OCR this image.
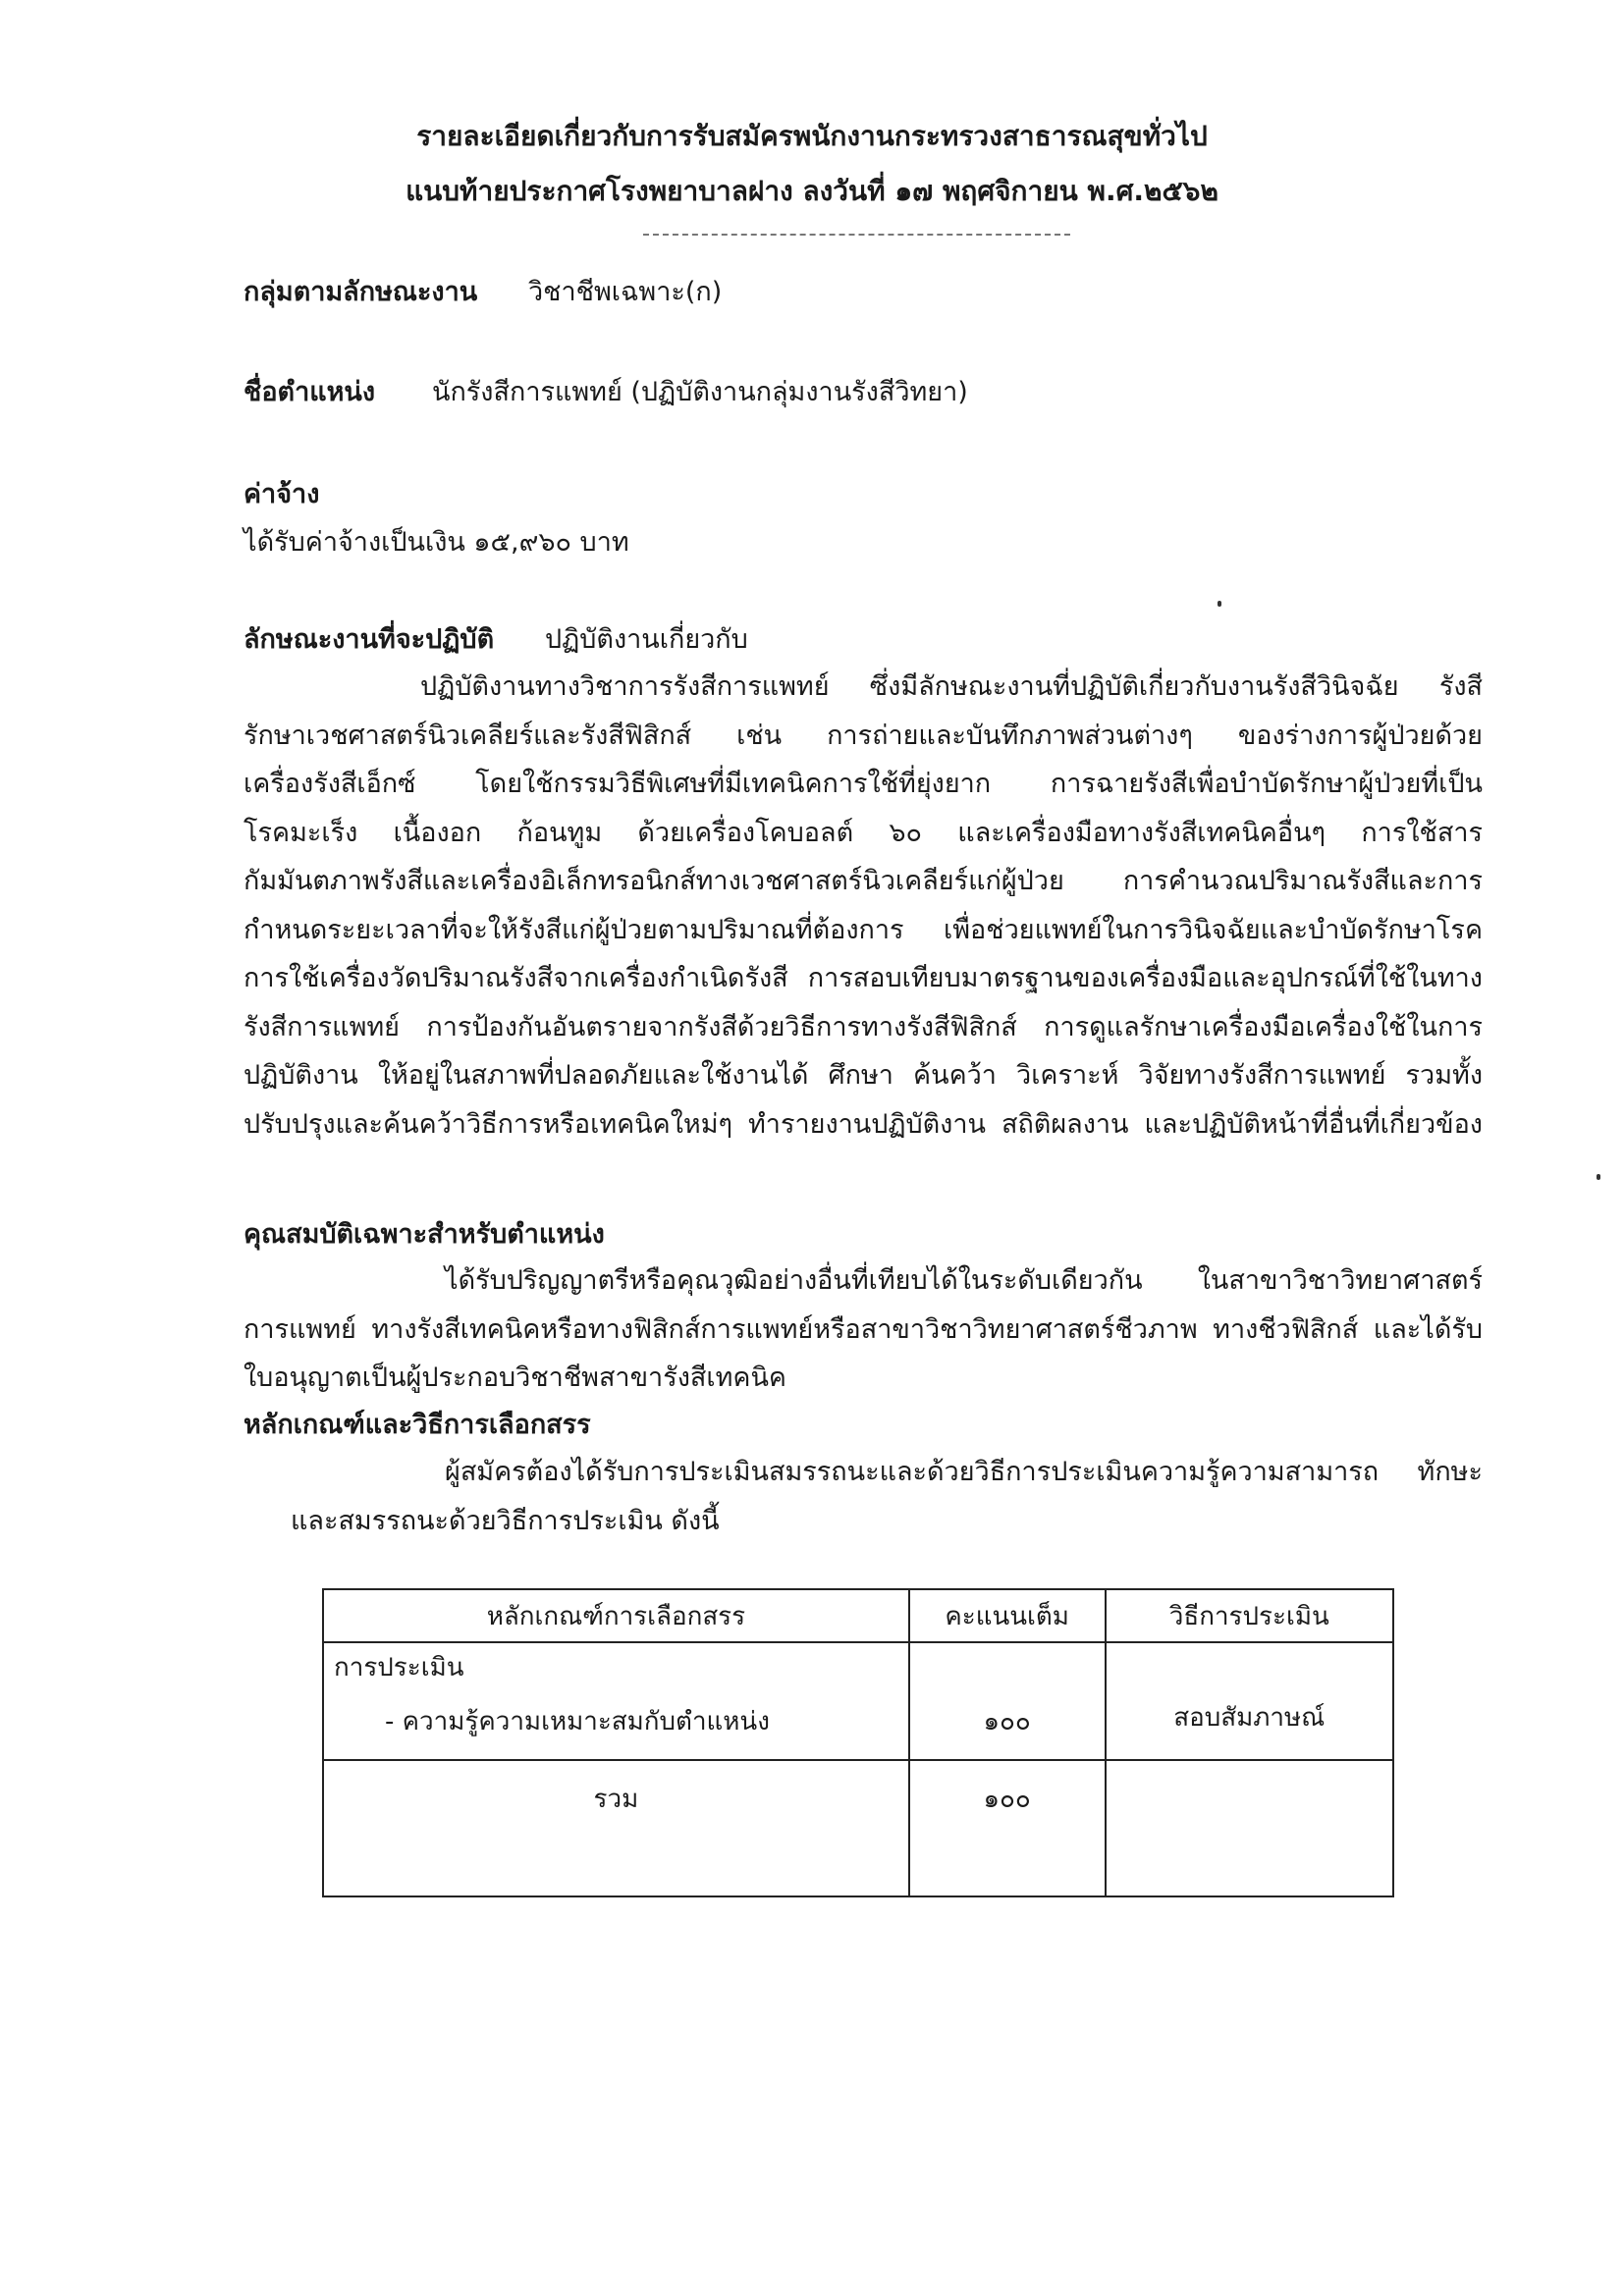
รายละเอียดเกี่ยวกับการรับสมัครพนักงานกระทรวงสาธารณสุขทั่วไป
แนบท้ายประกาศโรงพยาบาลฝาง ลงวันที่ ๑๗ พฤศจิกายน พ.ศ.๒๕๖๒
กลุ่มตามลักษณะงาน วิชาชีพเฉพาะ(ก)
ชื่อตำแหน่ง นักรังสีการแพทย์ (ปฏิบัติงานกลุ่มงานรังสีวิทยา)
ค่าจ้าง
ได้รับค่าจ้างเป็นเงิน ๑๕,๙๖๐ บาท
ลักษณะงานที่จะปฏิบัติ ปฏิบัติงานเกี่ยวกับ
ปฏิบัติงานทางวิชาการรังสีการแพทย์ ซึ่งมีลักษณะงานที่ปฏิบัติเกี่ยวกับงานรังสีวินิจฉัย รังสี
รักษาเวชศาสตร์นิวเคลียร์และรังสีฟิสิกส์ เช่น การถ่ายและบันทึกภาพส่วนต่างๆ ของร่างการผู้ป่วยด้วย
เครื่องรังสีเอ็กซ์ โดยใช้กรรมวิธีพิเศษที่มีเทคนิคการใช้ที่ยุ่งยาก การฉายรังสีเพื่อบำบัดรักษาผู้ป่วยที่เป็น
โรคมะเร็ง เนื้องอก ก้อนทูม ด้วยเครื่องโคบอลต์ ๖๐ และเครื่องมือทางรังสีเทคนิคอื่นๆ การใช้สาร
กัมมันตภาพรังสีและเครื่องอิเล็กทรอนิกส์ทางเวชศาสตร์นิวเคลียร์แก่ผู้ป่วย การคำนวณปริมาณรังสีและการ
กำหนดระยะเวลาที่จะให้รังสีแก่ผู้ป่วยตามปริมาณที่ต้องการ เพื่อช่วยแพทย์ในการวินิจฉัยและบำบัดรักษาโรค
การใช้เครื่องวัดปริมาณรังสีจากเครื่องกำเนิดรังสี การสอบเทียบมาตรฐานของเครื่องมือและอุปกรณ์ที่ใช้ในทาง
รังสีการแพทย์ การป้องกันอันตรายจากรังสีด้วยวิธีการทางรังสีฟิสิกส์ การดูแลรักษาเครื่องมือเครื่องใช้ในการ
ปฏิบัติงาน ให้อยู่ในสภาพที่ปลอดภัยและใช้งานได้ ศึกษา ค้นคว้า วิเคราะห์ วิจัยทางรังสีการแพทย์ รวมทั้ง
ปรับปรุงและค้นคว้าวิธีการหรือเทคนิคใหม่ๆ ทำรายงานปฏิบัติงาน สถิติผลงาน และปฏิบัติหน้าที่อื่นที่เกี่ยวข้อง
คุณสมบัติเฉพาะสำหรับตำแหน่ง
ได้รับปริญญาตรีหรือคุณวุฒิอย่างอื่นที่เทียบได้ในระดับเดียวกัน ในสาขาวิชาวิทยาศาสตร์
การแพทย์ ทางรังสีเทคนิคหรือทางฟิสิกส์การแพทย์หรือสาขาวิชาวิทยาศาสตร์ชีวภาพ ทางชีวฟิสิกส์ และได้รับ
ใบอนุญาตเป็นผู้ประกอบวิชาชีพสาขารังสีเทคนิค
หลักเกณฑ์และวิธีการเลือกสรร
ผู้สมัครต้องได้รับการประเมินสมรรถนะและด้วยวิธีการประเมินความรู้ความสามารถ ทักษะ
และสมรรถนะด้วยวิธีการประเมิน ดังนี้
หลักเกณฑ์การเลือกสรร	คะแนนเต็ม	วิธีการประเมิน

การประเมิน
- ความรู้ความเหมาะสมกับตำแหน่ง	๑๐๐	สอบสัมภาษณ์
รวม	๑๐๐	
